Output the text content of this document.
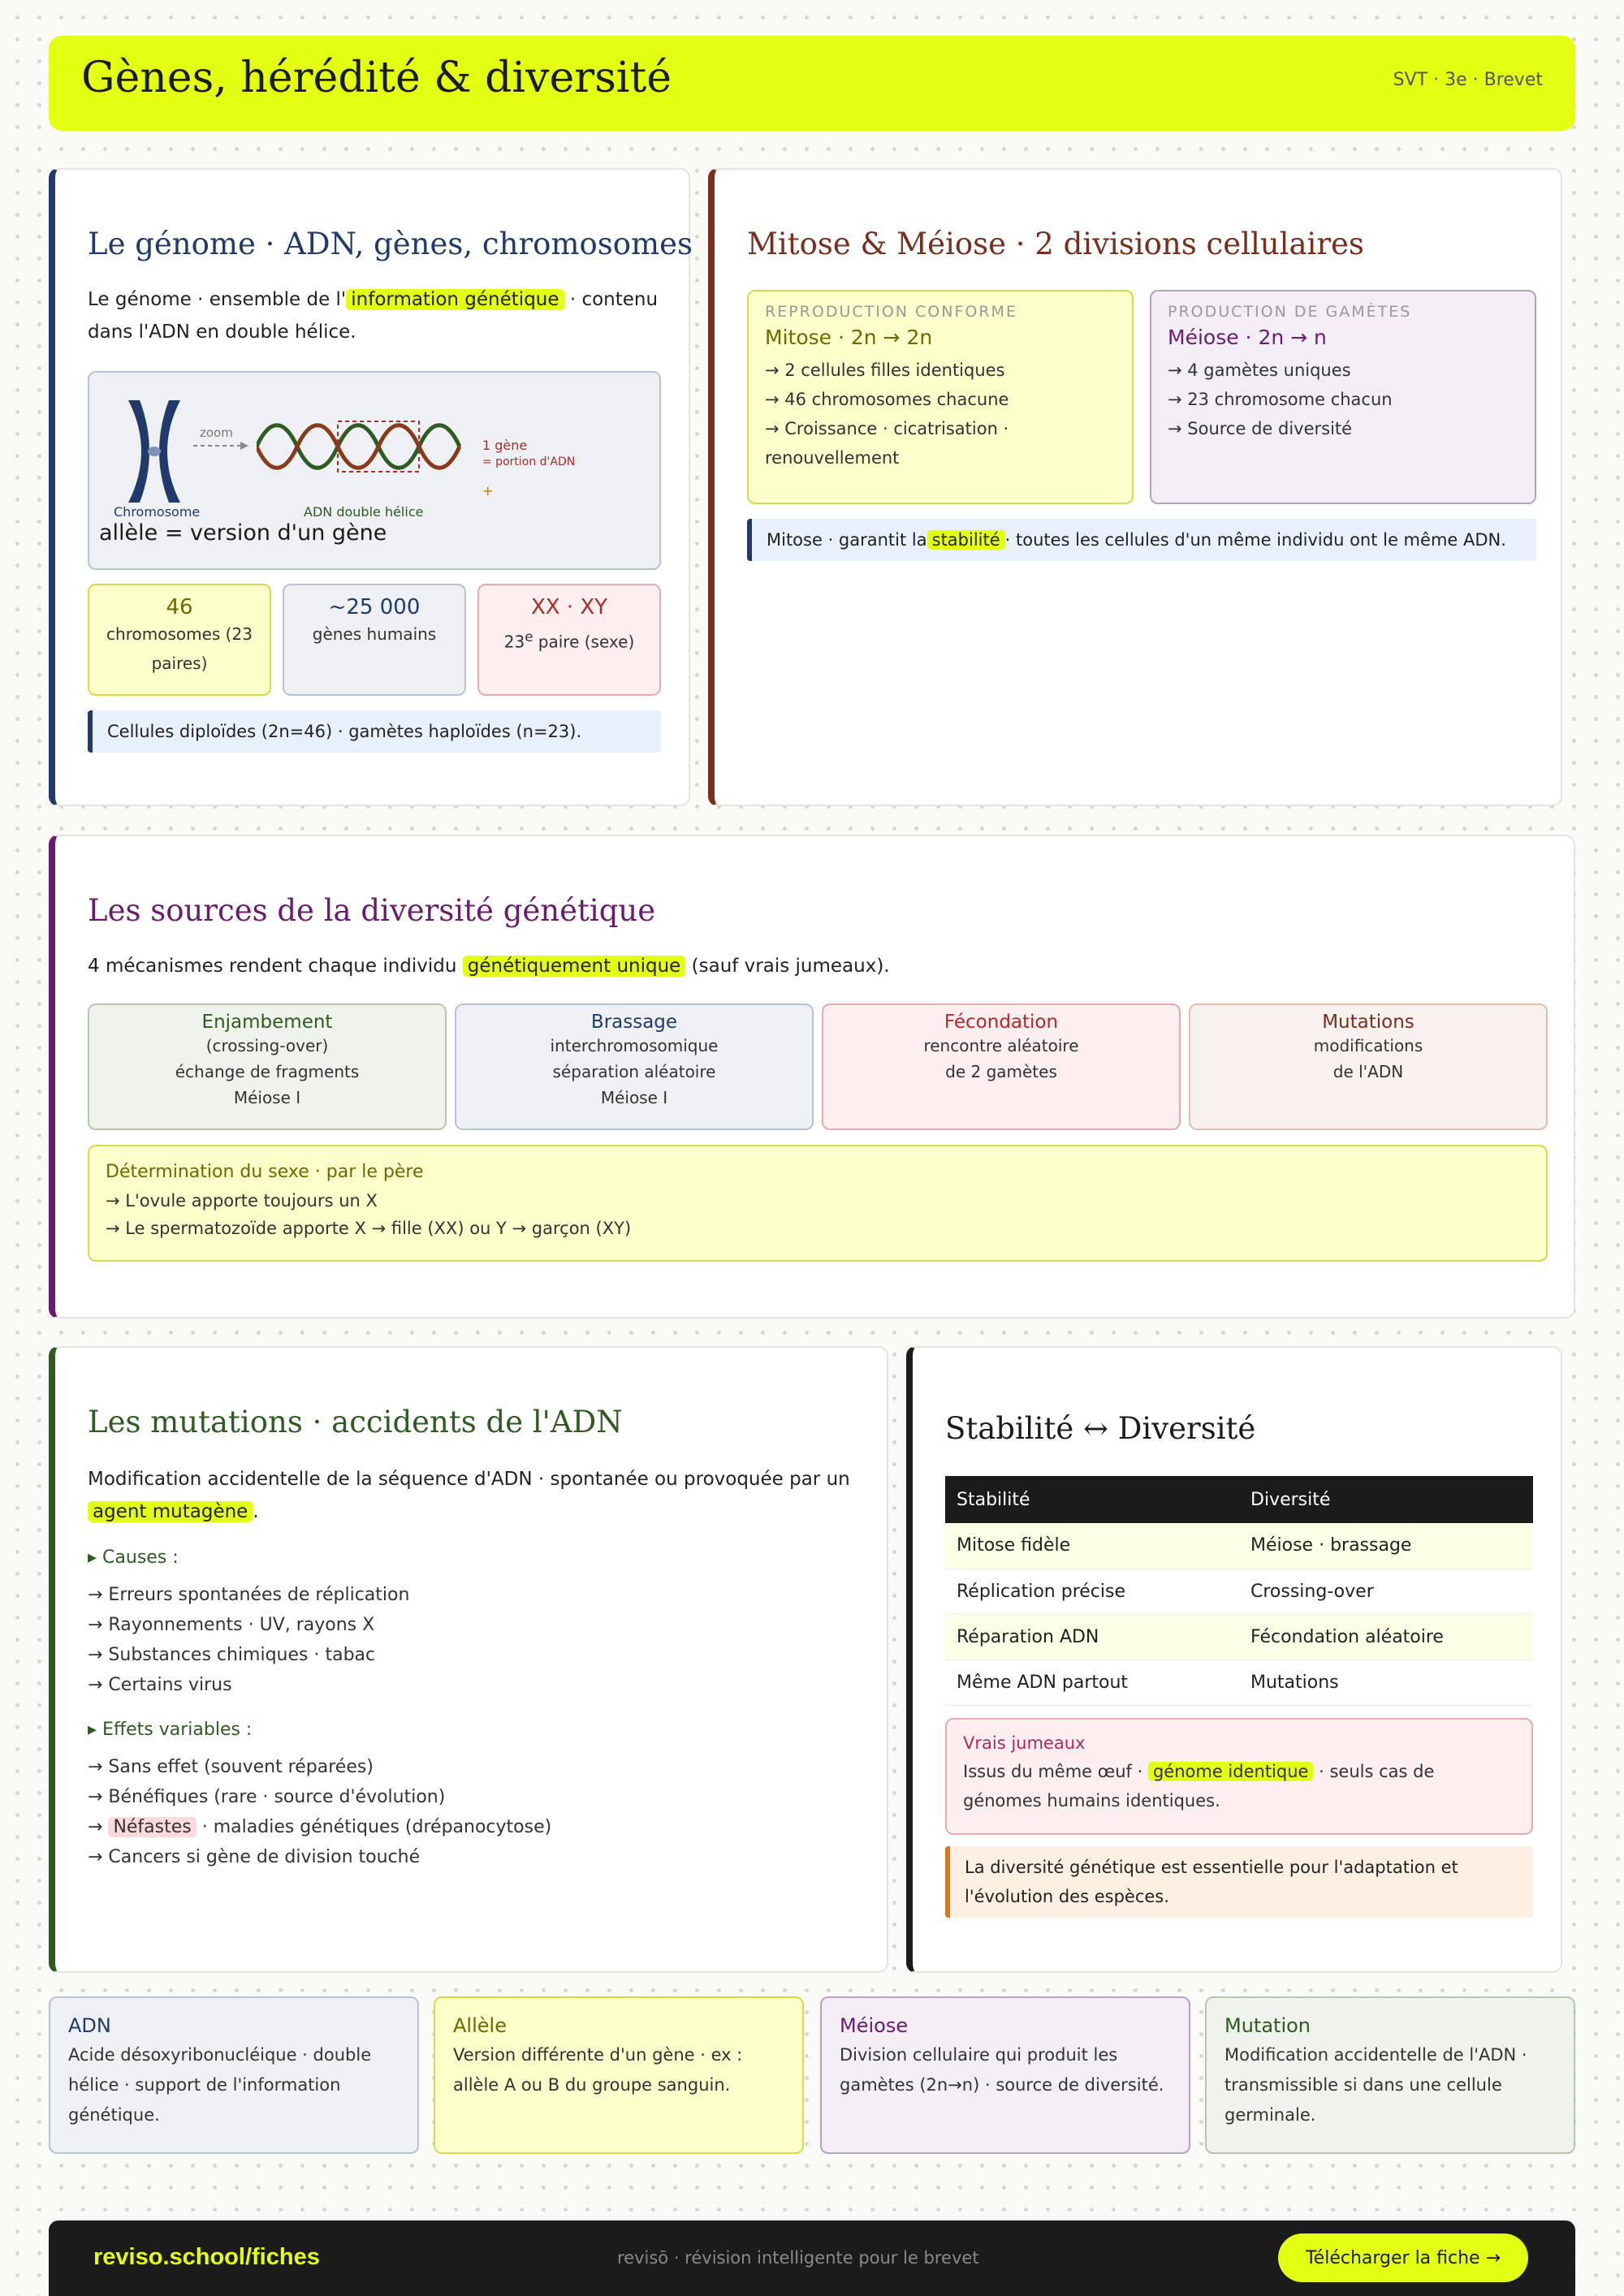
Gènes, hérédité & diversité	SVT · 3e · Brevet
Le génome · ADN, gènes, chromosomes
Le génome · ensemble de l' information génétique · contenu dans l'ADN en double hélice.
zoom
1 gène
= portion d'ADN
+
Chromosome	ADN double hélice
allèle = version d'un gène
46
chromosomes (23 paires)
~25 000
gènes humains
XX · XY
23e paire (sexe)
Cellules diploïdes (2n=46) · gamètes haploïdes (n=23).
Mitose & Méiose · 2 divisions cellulaires
REPRODUCTION CONFORME
Mitose · 2n → 2n
→ 2 cellules filles identiques
→ 46 chromosomes chacune
→ Croissance · cicatrisation · renouvellement
PRODUCTION DE GAMÈTES
Méiose · 2n → n
→ 4 gamètes uniques
→ 23 chromosome chacun
→ Source de diversité
Mitose · garantit la stabilité · toutes les cellules d'un même individu ont le même ADN.
Les sources de la diversité génétique
4 mécanismes rendent chaque individu génétiquement unique (sauf vrais jumeaux).
Enjambement
(crossing-over)
échange de fragments
Méiose I
Brassage
interchromosomique
séparation aléatoire
Méiose I
Fécondation
rencontre aléatoire
de 2 gamètes
Mutations
modifications
de l'ADN
Détermination du sexe · par le père
→ L'ovule apporte toujours un X
→ Le spermatozoïde apporte X → fille (XX) ou Y → garçon (XY)
Les mutations · accidents de l'ADN
Modification accidentelle de la séquence d'ADN · spontanée ou provoquée par un agent mutagène .
▸ Causes :
→ Erreurs spontanées de réplication
→ Rayonnements · UV, rayons X
→ Substances chimiques · tabac
→ Certains virus
▸ Effets variables :
→ Sans effet (souvent réparées)
→ Bénéfiques (rare · source d'évolution)
→ Néfastes · maladies génétiques (drépanocytose)
→ Cancers si gène de division touché
Stabilité ↔ Diversité
Stabilité	Diversité
Mitose fidèle	Méiose · brassage
Réplication précise	Crossing-over
Réparation ADN	Fécondation aléatoire
Même ADN partout	Mutations
Vrais jumeaux
Issus du même œuf · génome identique · seuls cas de génomes humains identiques.
La diversité génétique est essentielle pour l'adaptation et l'évolution des espèces.
ADN
Acide désoxyribonucléique · double hélice · support de l'information génétique.
Allèle
Version différente d'un gène · ex : allèle A ou B du groupe sanguin.
Méiose
Division cellulaire qui produit les gamètes (2n→n) · source de diversité.
Mutation
Modification accidentelle de l'ADN · transmissible si dans une cellule germinale.
reviso.school/fiches	revisō · révision intelligente pour le brevet	Télécharger la fiche →
